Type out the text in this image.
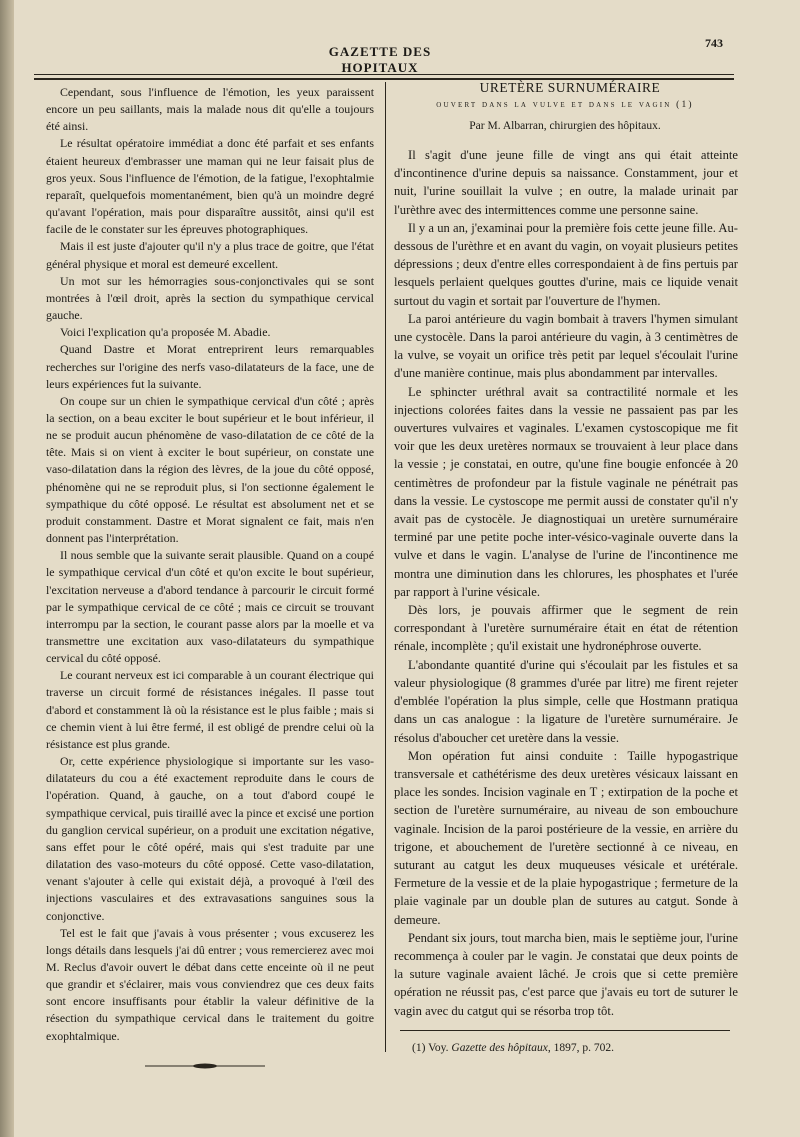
GAZETTE DES HOPITAUX
743

Cependant, sous l'influence de l'émotion, les yeux paraissent encore un peu saillants, mais la malade nous dit qu'elle a toujours été ainsi.

Le résultat opératoire immédiat a donc été parfait et ses enfants étaient heureux d'embrasser une maman qui ne leur faisait plus de gros yeux. Sous l'influence de l'émotion, de la fatigue, l'exophtalmie reparaît, quelquefois momentanément, bien qu'à un moindre degré qu'avant l'opération, mais pour disparaître aussitôt, ainsi qu'il est facile de le constater sur les épreuves photographiques.

Mais il est juste d'ajouter qu'il n'y a plus trace de goitre, que l'état général physique et moral est demeuré excellent.

Un mot sur les hémorragies sous-conjonctivales qui se sont montrées à l'œil droit, après la section du sympathique cervical gauche.

Voici l'explication qu'a proposée M. Abadie.

Quand Dastre et Morat entreprirent leurs remarquables recherches sur l'origine des nerfs vaso-dilatateurs de la face, une de leurs expériences fut la suivante.

On coupe sur un chien le sympathique cervical d'un côté ; après la section, on a beau exciter le bout supérieur et le bout inférieur, il ne se produit aucun phénomène de vaso-dilatation de ce côté de la tête. Mais si on vient à exciter le bout supérieur, on constate une vaso-dilatation dans la région des lèvres, de la joue du côté opposé, phénomène qui ne se reproduit plus, si l'on sectionne également le sympathique du côté opposé. Le résultat est absolument net et se produit constamment. Dastre et Morat signalent ce fait, mais n'en donnent pas l'interprétation.

Il nous semble que la suivante serait plausible. Quand on a coupé le sympathique cervical d'un côté et qu'on excite le bout supérieur, l'excitation nerveuse a d'abord tendance à parcourir le circuit formé par le sympathique cervical de ce côté ; mais ce circuit se trouvant interrompu par la section, le courant passe alors par la moelle et va transmettre une excitation aux vaso-dilatateurs du sympathique cervical du côté opposé.

Le courant nerveux est ici comparable à un courant électrique qui traverse un circuit formé de résistances inégales. Il passe tout d'abord et constamment là où la résistance est le plus faible ; mais si ce chemin vient à lui être fermé, il est obligé de prendre celui où la résistance est plus grande.

Or, cette expérience physiologique si importante sur les vaso-dilatateurs du cou a été exactement reproduite dans le cours de l'opération. Quand, à gauche, on a tout d'abord coupé le sympathique cervical, puis tiraillé avec la pince et excisé une portion du ganglion cervical supérieur, on a produit une excitation négative, sans effet pour le côté opéré, mais qui s'est traduite par une dilatation des vaso-moteurs du côté opposé. Cette vaso-dilatation, venant s'ajouter à celle qui existait déjà, a provoqué à l'œil des injections vasculaires et des extravasations sanguines sous la conjonctive.

Tel est le fait que j'avais à vous présenter ; vous excuserez les longs détails dans lesquels j'ai dû entrer ; vous remercierez avec moi M. Reclus d'avoir ouvert le débat dans cette enceinte où il ne peut que grandir et s'éclairer, mais vous conviendrez que ces deux faits sont encore insuffisants pour établir la valeur définitive de la résection du sympathique cervical dans le traitement du goitre exophtalmique.

URETÈRE SURNUMÉRAIRE
ouvert dans la vulve et dans le vagin (1)
Par M. Albarran, chirurgien des hôpitaux.

Il s'agit d'une jeune fille de vingt ans qui était atteinte d'incontinence d'urine depuis sa naissance. Constamment, jour et nuit, l'urine souillait la vulve ; en outre, la malade urinait par l'urèthre avec des intermittences comme une personne saine.

Il y a un an, j'examinai pour la première fois cette jeune fille. Au-dessous de l'urèthre et en avant du vagin, on voyait plusieurs petites dépressions ; deux d'entre elles correspondaient à de fins pertuis par lesquels perlaient quelques gouttes d'urine, mais ce liquide venait surtout du vagin et sortait par l'ouverture de l'hymen.

La paroi antérieure du vagin bombait à travers l'hymen simulant une cystocèle. Dans la paroi antérieure du vagin, à 3 centimètres de la vulve, se voyait un orifice très petit par lequel s'écoulait l'urine d'une manière continue, mais plus abondamment par intervalles.

Le sphincter uréthral avait sa contractilité normale et les injections colorées faites dans la vessie ne passaient pas par les ouvertures vulvaires et vaginales. L'examen cystoscopique me fit voir que les deux uretères normaux se trouvaient à leur place dans la vessie ; je constatai, en outre, qu'une fine bougie enfoncée à 20 centimètres de profondeur par la fistule vaginale ne pénétrait pas dans la vessie. Le cystoscope me permit aussi de constater qu'il n'y avait pas de cystocèle. Je diagnostiquai un uretère surnuméraire terminé par une petite poche inter-vésico-vaginale ouverte dans la vulve et dans le vagin. L'analyse de l'urine de l'incontinence me montra une diminution dans les chlorures, les phosphates et l'urée par rapport à l'urine vésicale.

Dès lors, je pouvais affirmer que le segment de rein correspondant à l'uretère surnuméraire était en état de rétention rénale, incomplète ; qu'il existait une hydronéphrose ouverte.

L'abondante quantité d'urine qui s'écoulait par les fistules et sa valeur physiologique (8 grammes d'urée par litre) me firent rejeter d'emblée l'opération la plus simple, celle que Hostmann pratiqua dans un cas analogue : la ligature de l'uretère surnuméraire. Je résolus d'aboucher cet uretère dans la vessie.

Mon opération fut ainsi conduite : Taille hypogastrique transversale et cathétérisme des deux uretères vésicaux laissant en place les sondes. Incision vaginale en T ; extirpation de la poche et section de l'uretère surnuméraire, au niveau de son embouchure vaginale. Incision de la paroi postérieure de la vessie, en arrière du trigone, et abouchement de l'uretère sectionné à ce niveau, en suturant au catgut les deux muqueuses vésicale et urétérale. Fermeture de la vessie et de la plaie hypogastrique ; fermeture de la plaie vaginale par un double plan de sutures au catgut. Sonde à demeure.

Pendant six jours, tout marcha bien, mais le septième jour, l'urine recommença à couler par le vagin. Je constatai que deux points de la suture vaginale avaient lâché. Je crois que si cette première opération ne réussit pas, c'est parce que j'avais eu tort de suturer le vagin avec du catgut qui se résorba trop tôt.

(1) Voy. Gazette des hôpitaux, 1897, p. 702.
